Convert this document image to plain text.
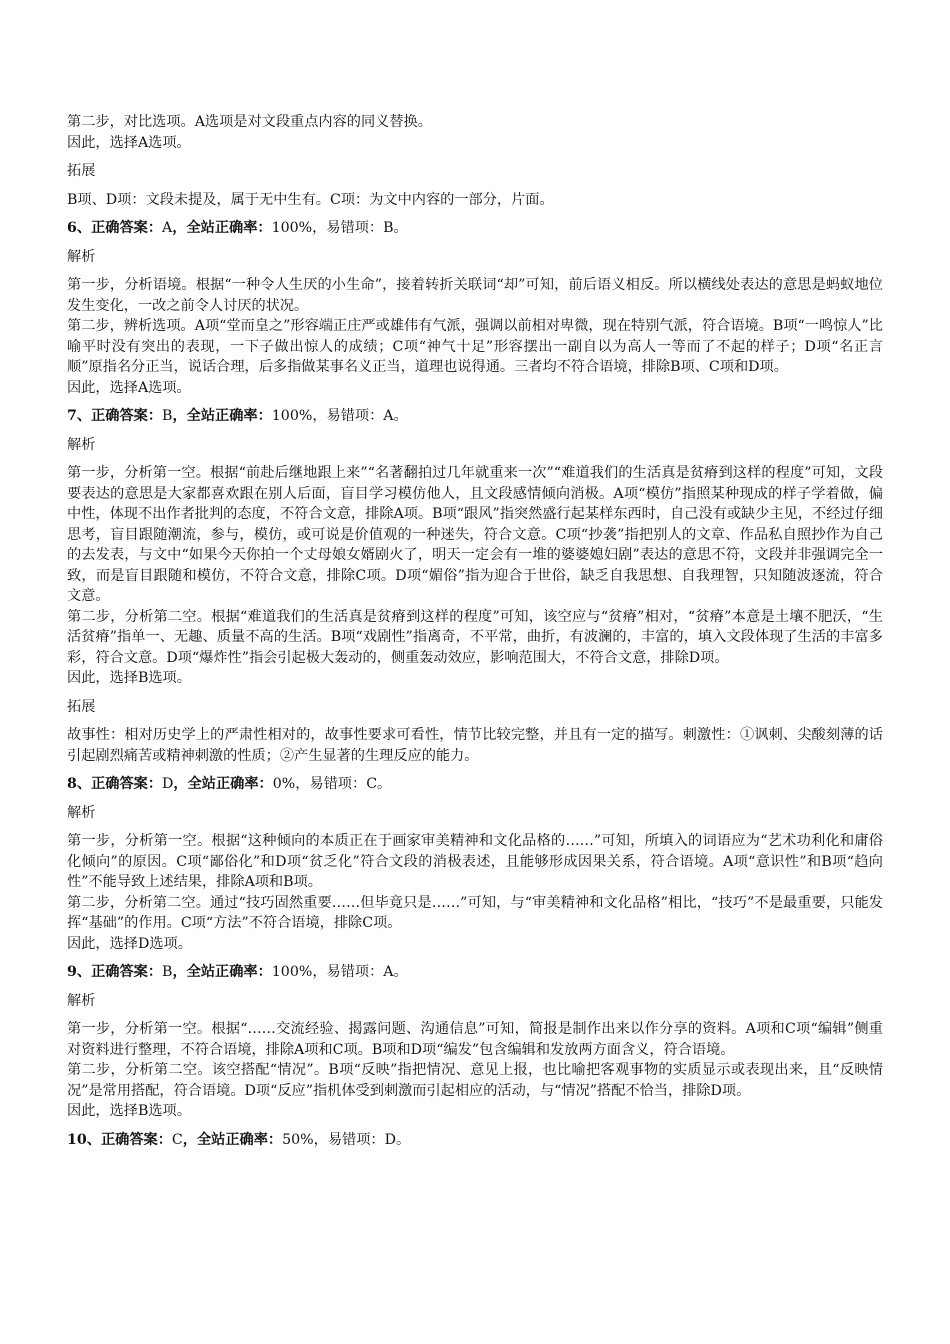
第二步，对比选项。A选项是对文段重点内容的同义替换。

因此，选择A选项。

拓展

B项、D项：文段未提及，属于无中生有。C项：为文中内容的一部分，片面。

6、正确答案：A，全站正确率：100%，易错项：B。

解析

第一步，分析语境。根据“一种令人生厌的小生命”，接着转折关联词“却”可知，前后语义相反。所以横线处表达的意思是蚂蚁地位发生变化，一改之前令人讨厌的状况。

第二步，辨析选项。A项“堂而皇之”形容端正庄严或雄伟有气派，强调以前相对卑微，现在特别气派，符合语境。B项“一鸣惊人”比喻平时没有突出的表现，一下子做出惊人的成绩；C项“神气十足”形容摆出一副自以为高人一等而了不起的样子；D项“名正言顺”原指名分正当，说话合理，后多指做某事名义正当，道理也说得通。三者均不符合语境，排除B项、C项和D项。

因此，选择A选项。

7、正确答案：B，全站正确率：100%，易错项：A。

解析

第一步，分析第一空。根据“前赴后继地跟上来”“名著翻拍过几年就重来一次”“难道我们的生活真是贫瘠到这样的程度”可知，文段要表达的意思是大家都喜欢跟在别人后面，盲目学习模仿他人，且文段感情倾向消极。A项“模仿”指照某种现成的样子学着做，偏中性，体现不出作者批判的态度，不符合文意，排除A项。B项“跟风”指突然盛行起某样东西时，自己没有或缺少主见，不经过仔细思考，盲目跟随潮流，参与，模仿，或可说是价值观的一种迷失，符合文意。C项“抄袭”指把别人的文章、作品私自照抄作为自己的去发表，与文中“如果今天你拍一个丈母娘女婿剧火了，明天一定会有一堆的婆婆媳妇剧”表达的意思不符，文段并非强调完全一致，而是盲目跟随和模仿，不符合文意，排除C项。D项“媚俗”指为迎合于世俗，缺乏自我思想、自我理智，只知随波逐流，符合文意。

第二步，分析第二空。根据“难道我们的生活真是贫瘠到这样的程度”可知，该空应与“贫瘠”相对，“贫瘠”本意是土壤不肥沃，“生活贫瘠”指单一、无趣、质量不高的生活。B项“戏剧性”指离奇，不平常，曲折，有波澜的，丰富的，填入文段体现了生活的丰富多彩，符合文意。D项“爆炸性”指会引起极大轰动的，侧重轰动效应，影响范围大，不符合文意，排除D项。

因此，选择B选项。

拓展

故事性：相对历史学上的严肃性相对的，故事性要求可看性，情节比较完整，并且有一定的描写。刺激性：①讽刺、尖酸刻薄的话引起剧烈痛苦或精神刺激的性质；②产生显著的生理反应的能力。

8、正确答案：D，全站正确率：0%，易错项：C。

解析

第一步，分析第一空。根据“这种倾向的本质正在于画家审美精神和文化品格的……”可知，所填入的词语应为“艺术功利化和庸俗化倾向”的原因。C项“鄙俗化”和D项“贫乏化”符合文段的消极表述，且能够形成因果关系，符合语境。A项“意识性”和B项“趋向性”不能导致上述结果，排除A项和B项。

第二步，分析第二空。通过“技巧固然重要……但毕竟只是……”可知，与“审美精神和文化品格”相比，“技巧”不是最重要，只能发挥“基础”的作用。C项“方法”不符合语境，排除C项。

因此，选择D选项。

9、正确答案：B，全站正确率：100%，易错项：A。

解析

第一步，分析第一空。根据“……交流经验、揭露问题、沟通信息”可知，简报是制作出来以作分享的资料。A项和C项“编辑”侧重对资料进行整理，不符合语境，排除A项和C项。B项和D项“编发”包含编辑和发放两方面含义，符合语境。

第二步，分析第二空。该空搭配“情况”。B项“反映”指把情况、意见上报，也比喻把客观事物的实质显示或表现出来，且“反映情况”是常用搭配，符合语境。D项“反应”指机体受到刺激而引起相应的活动，与“情况”搭配不恰当，排除D项。

因此，选择B选项。

10、正确答案：C，全站正确率：50%，易错项：D。
